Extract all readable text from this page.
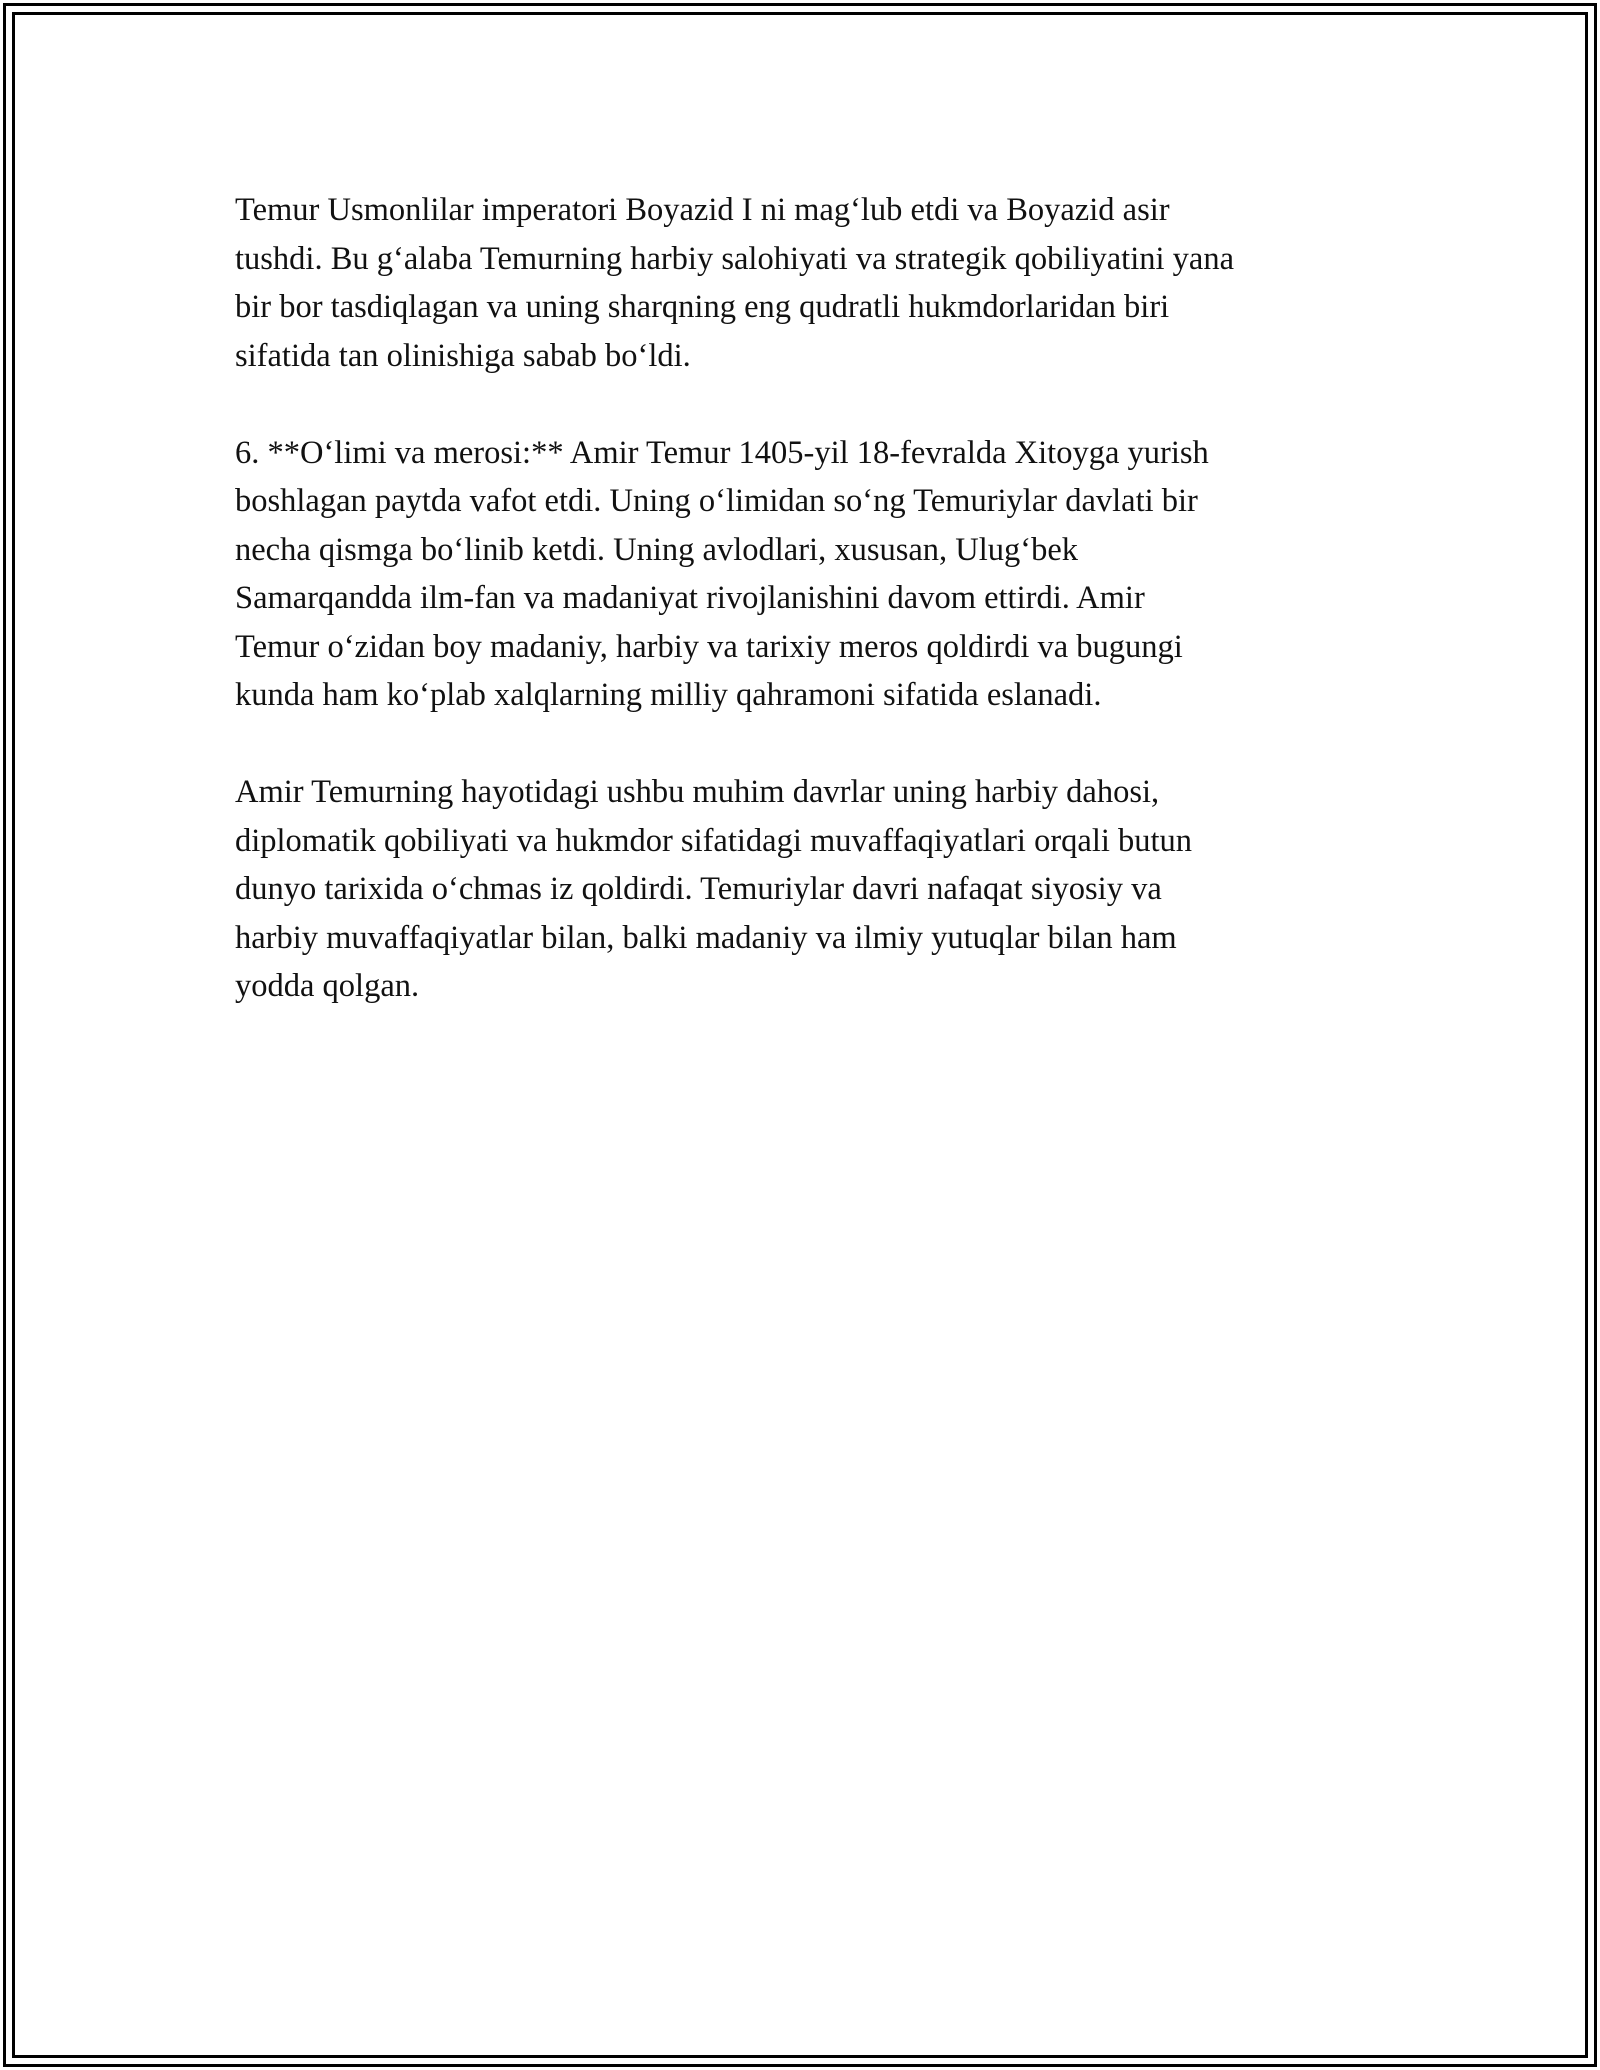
Temur Usmonlilar imperatori Boyazid I ni mag‘lub etdi va Boyazid asir
tushdi. Bu g‘alaba Temurning harbiy salohiyati va strategik qobiliyatini yana
bir bor tasdiqlagan va uning sharqning eng qudratli hukmdorlaridan biri
sifatida tan olinishiga sabab bo‘ldi.

6. **O‘limi va merosi:** Amir Temur 1405-yil 18-fevralda Xitoyga yurish
boshlagan paytda vafot etdi. Uning o‘limidan so‘ng Temuriylar davlati bir
necha qismga bo‘linib ketdi. Uning avlodlari, xususan, Ulug‘bek
Samarqandda ilm-fan va madaniyat rivojlanishini davom ettirdi. Amir
Temur o‘zidan boy madaniy, harbiy va tarixiy meros qoldirdi va bugungi
kunda ham ko‘plab xalqlarning milliy qahramoni sifatida eslanadi.

Amir Temurning hayotidagi ushbu muhim davrlar uning harbiy dahosi,
diplomatik qobiliyati va hukmdor sifatidagi muvaffaqiyatlari orqali butun
dunyo tarixida o‘chmas iz qoldirdi. Temuriylar davri nafaqat siyosiy va
harbiy muvaffaqiyatlar bilan, balki madaniy va ilmiy yutuqlar bilan ham
yodda qolgan.
